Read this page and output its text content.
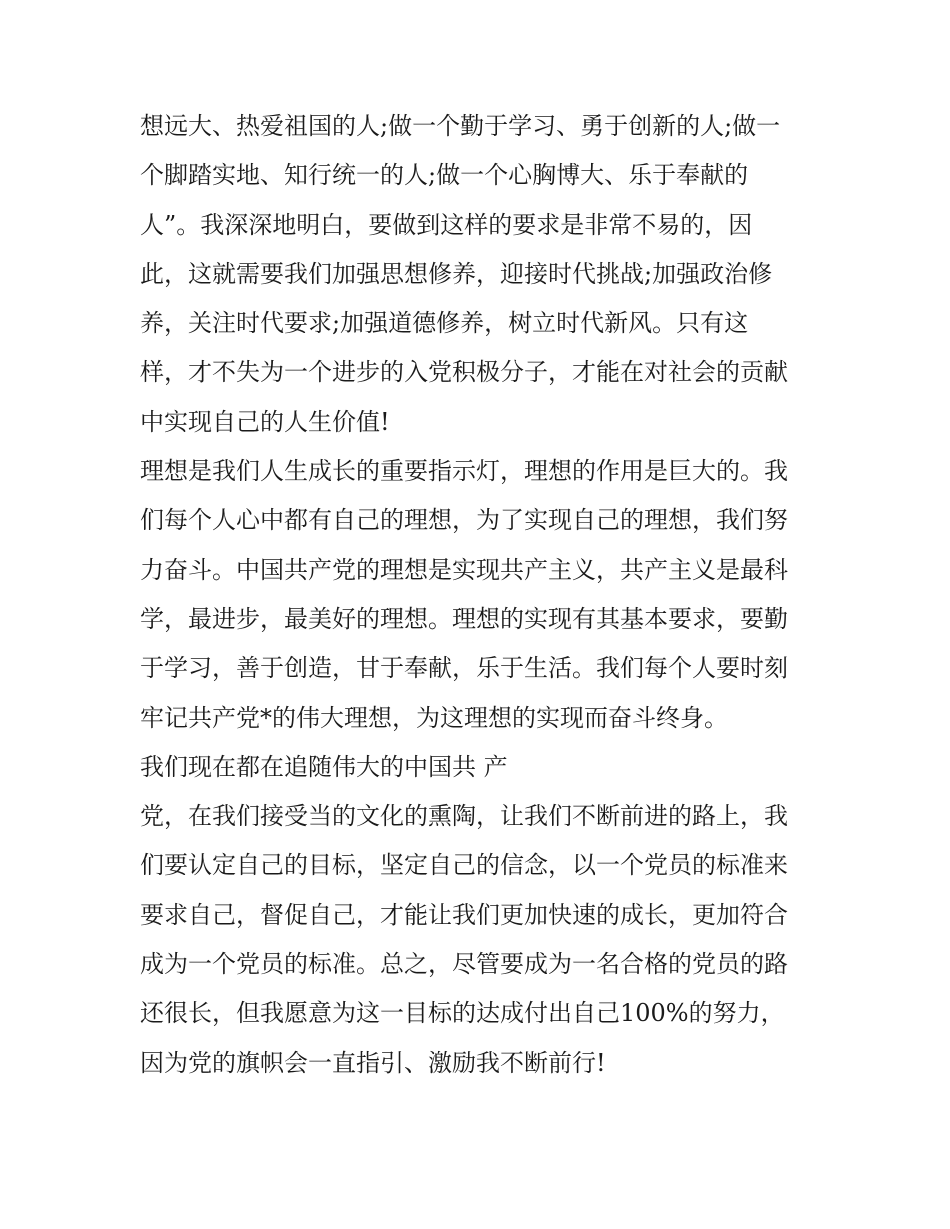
想远大、热爱祖国的人;做一个勤于学习、勇于创新的人;做一
个脚踏实地、知行统一的人;做一个心胸博大、乐于奉献的
人”。我深深地明白，要做到这样的要求是非常不易的，因
此，这就需要我们加强思想修养，迎接时代挑战;加强政治修
养，关注时代要求;加强道德修养，树立时代新风。只有这
样，才不失为一个进步的入党积极分子，才能在对社会的贡献
中实现自己的人生价值!
理想是我们人生成长的重要指示灯，理想的作用是巨大的。我
们每个人心中都有自己的理想，为了实现自己的理想，我们努
力奋斗。中国共产党的理想是实现共产主义，共产主义是最科
学，最进步，最美好的理想。理想的实现有其基本要求，要勤
于学习，善于创造，甘于奉献，乐于生活。我们每个人要时刻
牢记共产党*的伟大理想，为这理想的实现而奋斗终身。
我们现在都在追随伟大的中国共 产
党，在我们接受当的文化的熏陶，让我们不断前进的路上，我
们要认定自己的目标，坚定自己的信念，以一个党员的标准来
要求自己，督促自己，才能让我们更加快速的成长，更加符合
成为一个党员的标准。总之，尽管要成为一名合格的党员的路
还很长，但我愿意为这一目标的达成付出自己100%的努力，
因为党的旗帜会一直指引、激励我不断前行!
